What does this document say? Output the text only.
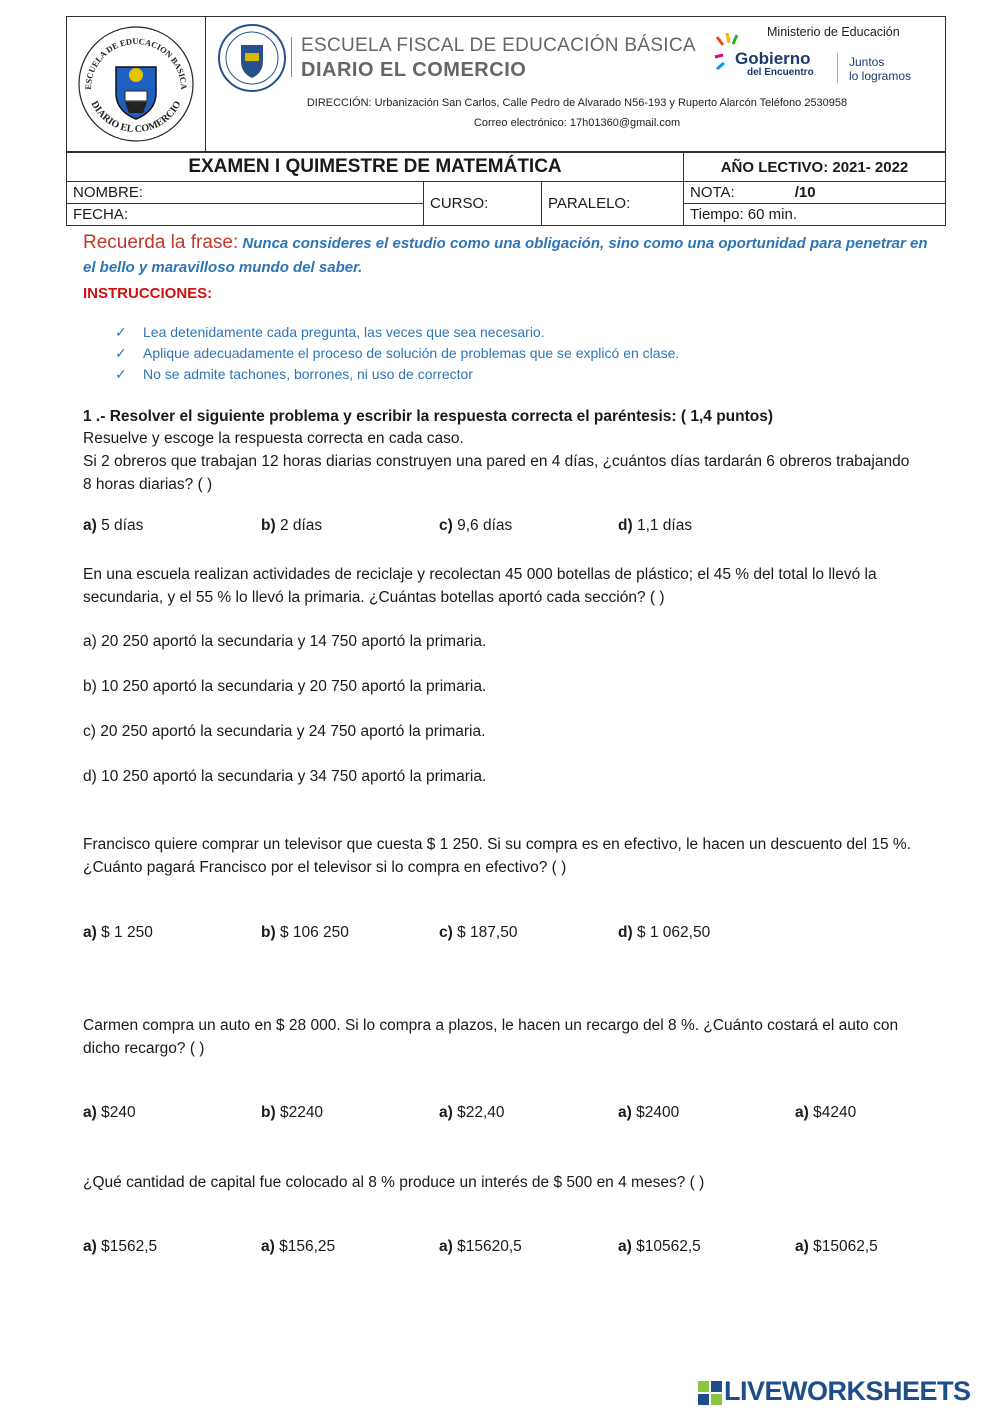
ESCUELA DE EDUCACION BASICA
DIARIO EL COMERCIO
ESCUELA FISCAL DE EDUCACIÓN BÁSICA
DIARIO EL COMERCIO
Ministerio de Educación
Gobierno
del Encuentro
Juntos
lo logramos
DIRECCIÓN: Urbanización San Carlos, Calle Pedro de Alvarado N56-193 y Ruperto Alarcón Teléfono 2530958
Correo electrónico: 17h01360@gmail.com
EXAMEN I QUIMESTRE DE MATEMÁTICA			AÑO LECTIVO: 2021- 2022
NOMBRE:	CURSO:	PARALELO:	NOTA: /10
FECHA:			Tiempo: 60 min.
Recuerda la frase: Nunca consideres el estudio como una obligación, sino como una oportunidad para penetrar en el bello y maravilloso mundo del saber.
INSTRUCCIONES:
✓ Lea detenidamente cada pregunta, las veces que sea necesario.
✓ Aplique adecuadamente el proceso de solución de problemas que se explicó en clase.
✓ No se admite tachones, borrones, ni uso de corrector
1 .- Resolver el siguiente problema y escribir la respuesta correcta el paréntesis: ( 1,4 puntos)
Resuelve y escoge la respuesta correcta en cada caso.
Si 2 obreros que trabajan 12 horas diarias construyen una pared en 4 días, ¿cuántos días tardarán 6 obreros trabajando 8 horas diarias? ( )
a) 5 días	b) 2 días	c) 9,6 días	d) 1,1 días
En una escuela realizan actividades de reciclaje y recolectan 45 000 botellas de plástico; el 45 % del total lo llevó la secundaria, y el 55 % lo llevó la primaria. ¿Cuántas botellas aportó cada sección? ( )
a) 20 250 aportó la secundaria y 14 750 aportó la primaria.
b) 10 250 aportó la secundaria y 20 750 aportó la primaria.
c) 20 250 aportó la secundaria y 24 750 aportó la primaria.
d) 10 250 aportó la secundaria y 34 750 aportó la primaria.
Francisco quiere comprar un televisor que cuesta $ 1 250. Si su compra es en efectivo, le hacen un descuento del 15 %. ¿Cuánto pagará Francisco por el televisor si lo compra en efectivo? ( )
a) $ 1 250	b) $ 106 250	c) $ 187,50	d) $ 1 062,50
Carmen compra un auto en $ 28 000. Si lo compra a plazos, le hacen un recargo del 8 %. ¿Cuánto costará el auto con dicho recargo? ( )
a) $240	b) $2240	a) $22,40	a) $2400	a) $4240
¿Qué cantidad de capital fue colocado al 8 % produce un interés de $ 500 en 4 meses? ( )
a) $1562,5	a) $156,25	a) $15620,5	a) $10562,5	a) $15062,5
LIVEWORKSHEETS
